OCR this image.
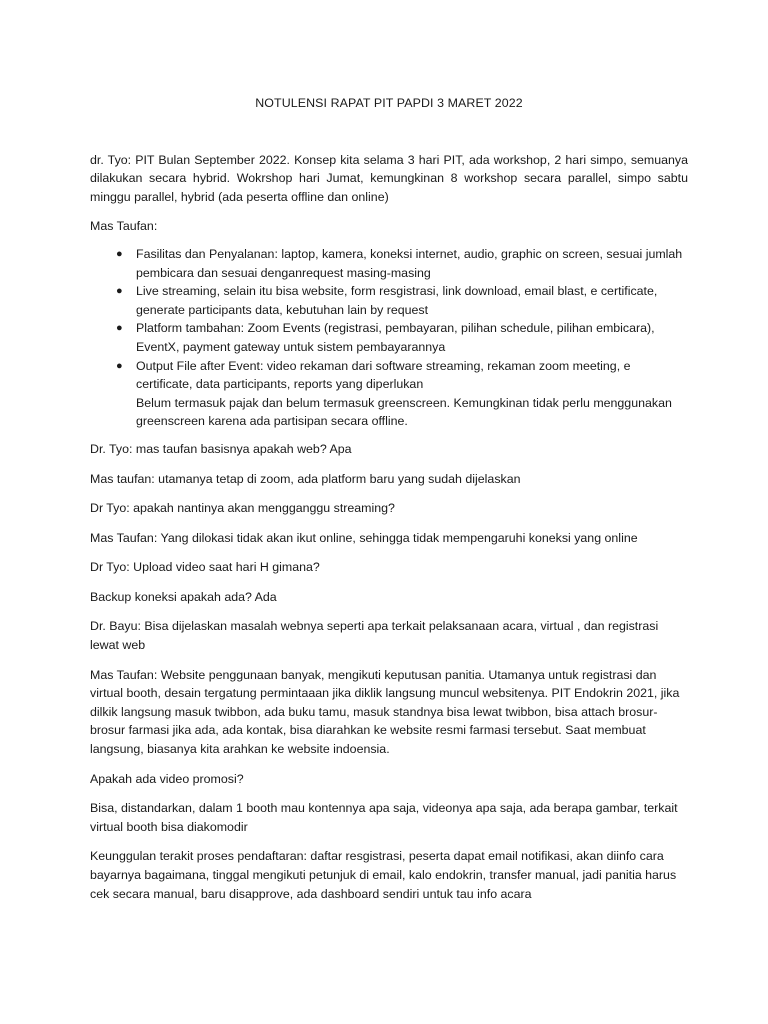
NOTULENSI RAPAT PIT PAPDI 3 MARET 2022

dr. Tyo: PIT Bulan September 2022. Konsep kita selama 3 hari PIT, ada workshop, 2 hari simpo, semuanya dilakukan secara hybrid. Wokrshop hari Jumat, kemungkinan 8 workshop secara parallel, simpo sabtu minggu parallel, hybrid (ada peserta offline dan online)

Mas Taufan:

● Fasilitas dan Penyalanan: laptop, kamera, koneksi internet, audio, graphic on screen, sesuai jumlah pembicara dan sesuai denganrequest masing-masing
● Live streaming, selain itu bisa website, form resgistrasi, link download, email blast, e certificate, generate participants data, kebutuhan lain by request
● Platform tambahan: Zoom Events (registrasi, pembayaran, pilihan schedule, pilihan embicara), EventX, payment gateway untuk sistem pembayarannya
● Output File after Event: video rekaman dari software streaming, rekaman zoom meeting, e certificate, data participants, reports yang diperlukan
Belum termasuk pajak dan belum termasuk greenscreen. Kemungkinan tidak perlu menggunakan greenscreen karena ada partisipan secara offline.

Dr. Tyo: mas taufan basisnya apakah web? Apa

Mas taufan: utamanya tetap di zoom, ada platform baru yang sudah dijelaskan

Dr Tyo: apakah nantinya akan mengganggu streaming?

Mas Taufan: Yang dilokasi tidak akan ikut online, sehingga tidak mempengaruhi koneksi yang online

Dr Tyo: Upload video saat hari H gimana?

Backup koneksi apakah ada? Ada

Dr. Bayu: Bisa dijelaskan masalah webnya seperti apa terkait pelaksanaan acara, virtual , dan registrasi lewat web

Mas Taufan: Website penggunaan banyak, mengikuti keputusan panitia. Utamanya untuk registrasi dan virtual booth, desain tergatung permintaaan jika diklik langsung muncul websitenya. PIT Endokrin 2021, jika dilkik langsung masuk twibbon, ada buku tamu, masuk standnya bisa lewat twibbon, bisa attach brosur-brosur farmasi jika ada, ada kontak, bisa diarahkan ke website resmi farmasi tersebut. Saat membuat langsung, biasanya kita arahkan ke website indoensia.

Apakah ada video promosi?

Bisa, distandarkan, dalam 1 booth mau kontennya apa saja, videonya apa saja, ada berapa gambar, terkait virtual booth bisa diakomodir

Keunggulan terakit proses pendaftaran: daftar resgistrasi, peserta dapat email notifikasi, akan diinfo cara bayarnya bagaimana, tinggal mengikuti petunjuk di email, kalo endokrin, transfer manual, jadi panitia harus cek secara manual, baru disapprove, ada dashboard sendiri untuk tau info acara
